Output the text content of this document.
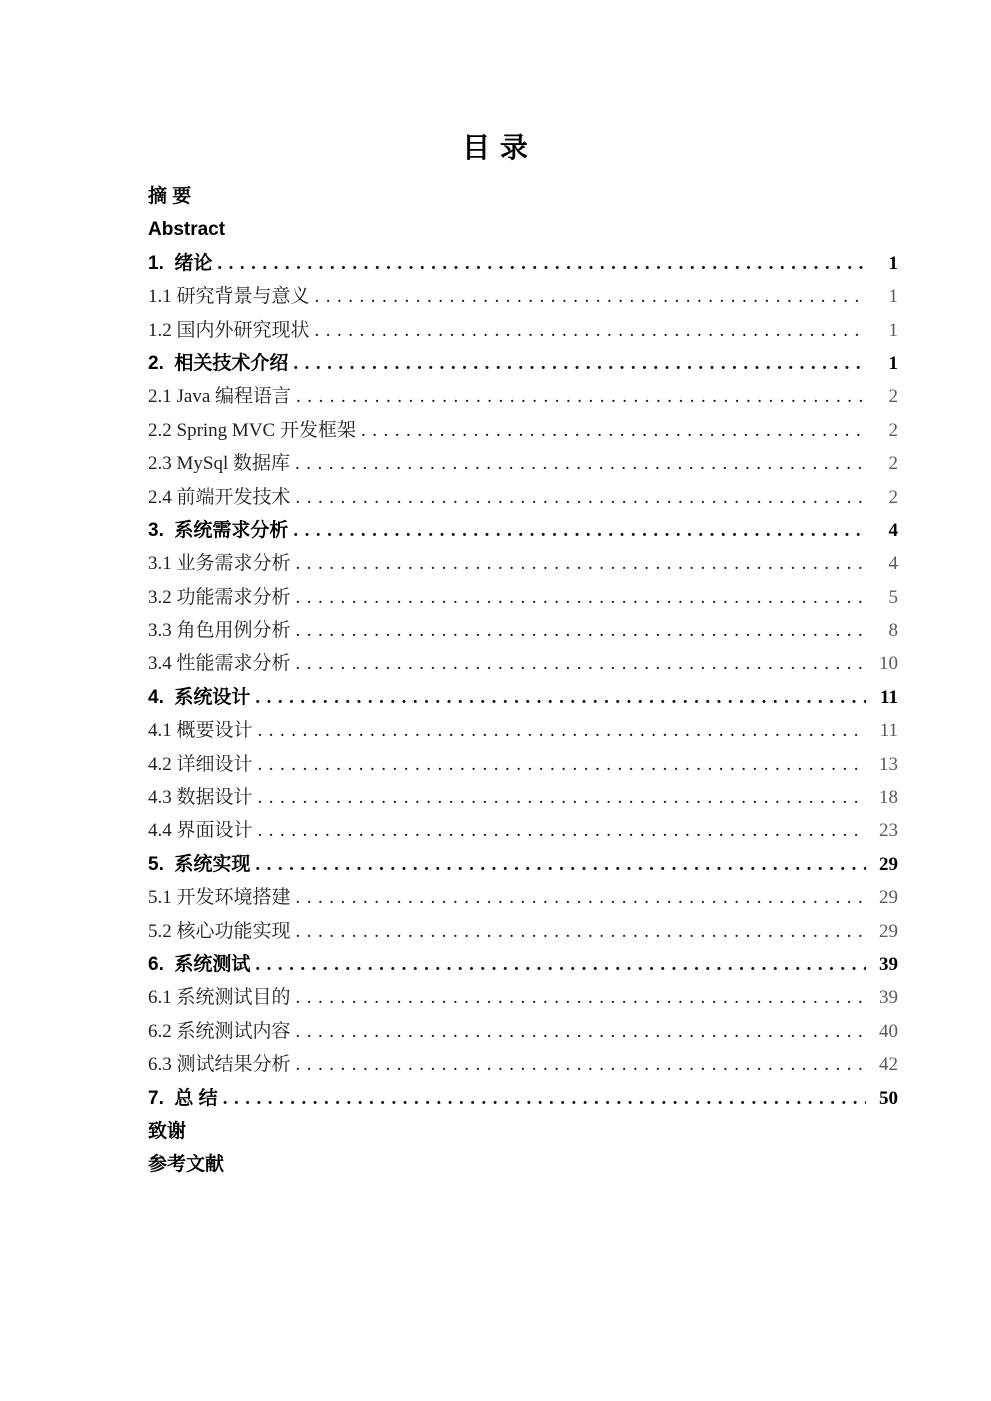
目 录
摘 要
Abstract
1.  绪论 .....	1
1.1 研究背景与意义 .....	1
1.2 国内外研究现状 .....	1
2.  相关技术介绍 .....	1
2.1 Java 编程语言 .....	2
2.2 Spring MVC 开发框架 .....	2
2.3 MySql 数据库 .....	2
2.4 前端开发技术 .....	2
3.  系统需求分析 .....	4
3.1 业务需求分析 .....	4
3.2 功能需求分析 .....	5
3.3 角色用例分析 .....	8
3.4 性能需求分析 .....	10
4.  系统设计 .....	11
4.1 概要设计 .....	11
4.2 详细设计 .....	13
4.3 数据设计 .....	18
4.4 界面设计 .....	23
5.  系统实现 .....	29
5.1 开发环境搭建 .....	29
5.2 核心功能实现 .....	29
6.  系统测试 .....	39
6.1 系统测试目的 .....	39
6.2 系统测试内容 .....	40
6.3 测试结果分析 .....	42
7.  总 结 .....	50
致谢
参考文献
